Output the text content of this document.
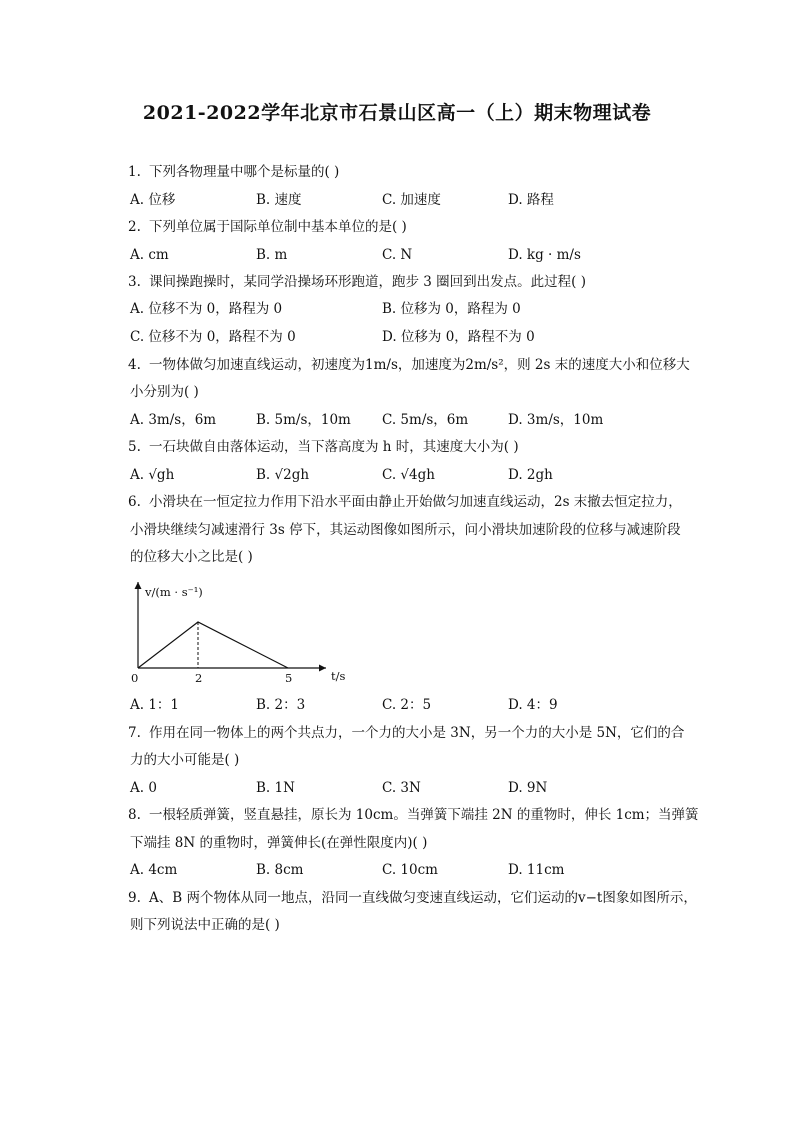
2021-2022学年北京市石景山区高一（上）期末物理试卷
1. 下列各物理量中哪个是标量的( )
A. 位移	B. 速度	C. 加速度	D. 路程
2. 下列单位属于国际单位制中基本单位的是( )
A. cm	B. m	C. N	D. kg · m/s
3. 课间操跑操时，某同学沿操场环形跑道，跑步 3 圈回到出发点。此过程( )
A. 位移不为 0，路程为 0	B. 位移为 0，路程为 0
C. 位移不为 0，路程不为 0	D. 位移为 0，路程不为 0
4. 一物体做匀加速直线运动，初速度为1m/s，加速度为2m/s²，则 2s 末的速度大小和位移大
小分别为( )
A. 3m/s，6m	B. 5m/s，10m C. 5m/s，6m	D. 3m/s，10m
5. 一石块做自由落体运动，当下落高度为 h 时，其速度大小为( )
A. √gh	B. √2gh	C. √4gh	D. 2gh
6. 小滑块在一恒定拉力作用下沿水平面由静止开始做匀加速直线运动，2s 末撤去恒定拉力，
小滑块继续匀减速滑行 3s 停下，其运动图像如图所示，问小滑块加速阶段的位移与减速阶段
的位移大小之比是( )
v/(m · s⁻¹)
t/s
0	2	5
A. 1：1	B. 2：3	C. 2：5	D. 4：9
7. 作用在同一物体上的两个共点力，一个力的大小是 3N，另一个力的大小是 5N，它们的合
力的大小可能是( )
A. 0	B. 1N	C. 3N	D. 9N
8. 一根轻质弹簧，竖直悬挂，原长为 10cm。当弹簧下端挂 2N 的重物时，伸长 1cm；当弹簧
下端挂 8N 的重物时，弹簧伸长(在弹性限度内)( )
A. 4cm	B. 8cm	C. 10cm	D. 11cm
9. A、B 两个物体从同一地点，沿同一直线做匀变速直线运动，它们运动的v−t图象如图所示，
则下列说法中正确的是( )
